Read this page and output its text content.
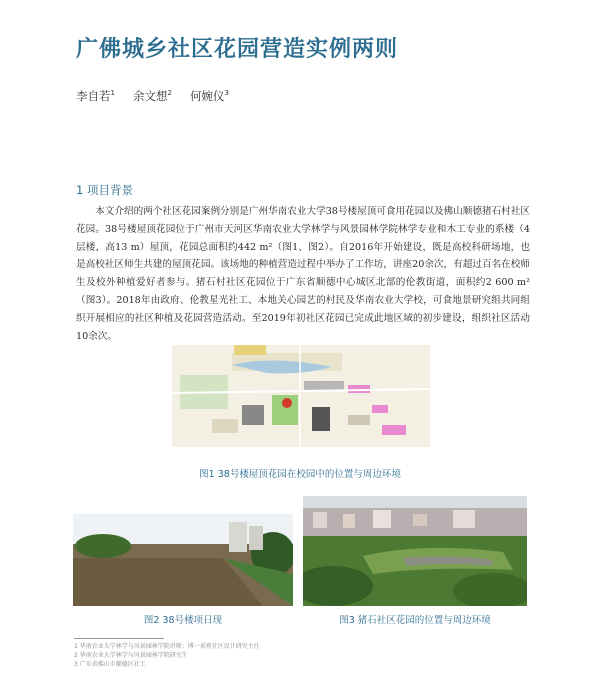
广佛城乡社区花园营造实例两则
李自若$^1$ 余文想$^2$ 何婉仪$^3$
1 项目背景
本文介绍的两个社区花园案例分别是广州华南农业大学38号楼屋顶可食用花园以及佛山顺德猪石村社区花园。38号楼屋顶花园位于广州市天河区华南农业大学林学与风景园林学院林学专业和木工专业的系楼（4层楼，高13 m）屋顶，花园总面积约442 m²（图1、图2）。自2016年开始建设，既是高校科研场地，也是高校社区师生共建的屋顶花园。该场地的种植营造过程中举办了工作坊，讲座20余次，有超过百名在校师生及校外种植爱好者参与。猪石村社区花园位于广东省顺德中心城区北部的伦教街道，面积约2 600 m²（图3）。2018年由政府、伦教星光社工、本地关心园艺的村民及华南农业大学校，可食地景研究组共同组织开展相应的社区种植及花园营造活动。至2019年初社区花园已完成此地区域的初步建设，组织社区活动10余次。
图1 38号楼屋顶花园在校园中的位置与周边环境
图2 38号楼项日现	图3 猪石社区花园的位置与周边环境
1 华南农业大学林学与风景园林学院讲师；博一景观社区设计研究主任
2 华南农业大学林学与风景园林学院研究生
3 广东省佛山市顺德区社工
